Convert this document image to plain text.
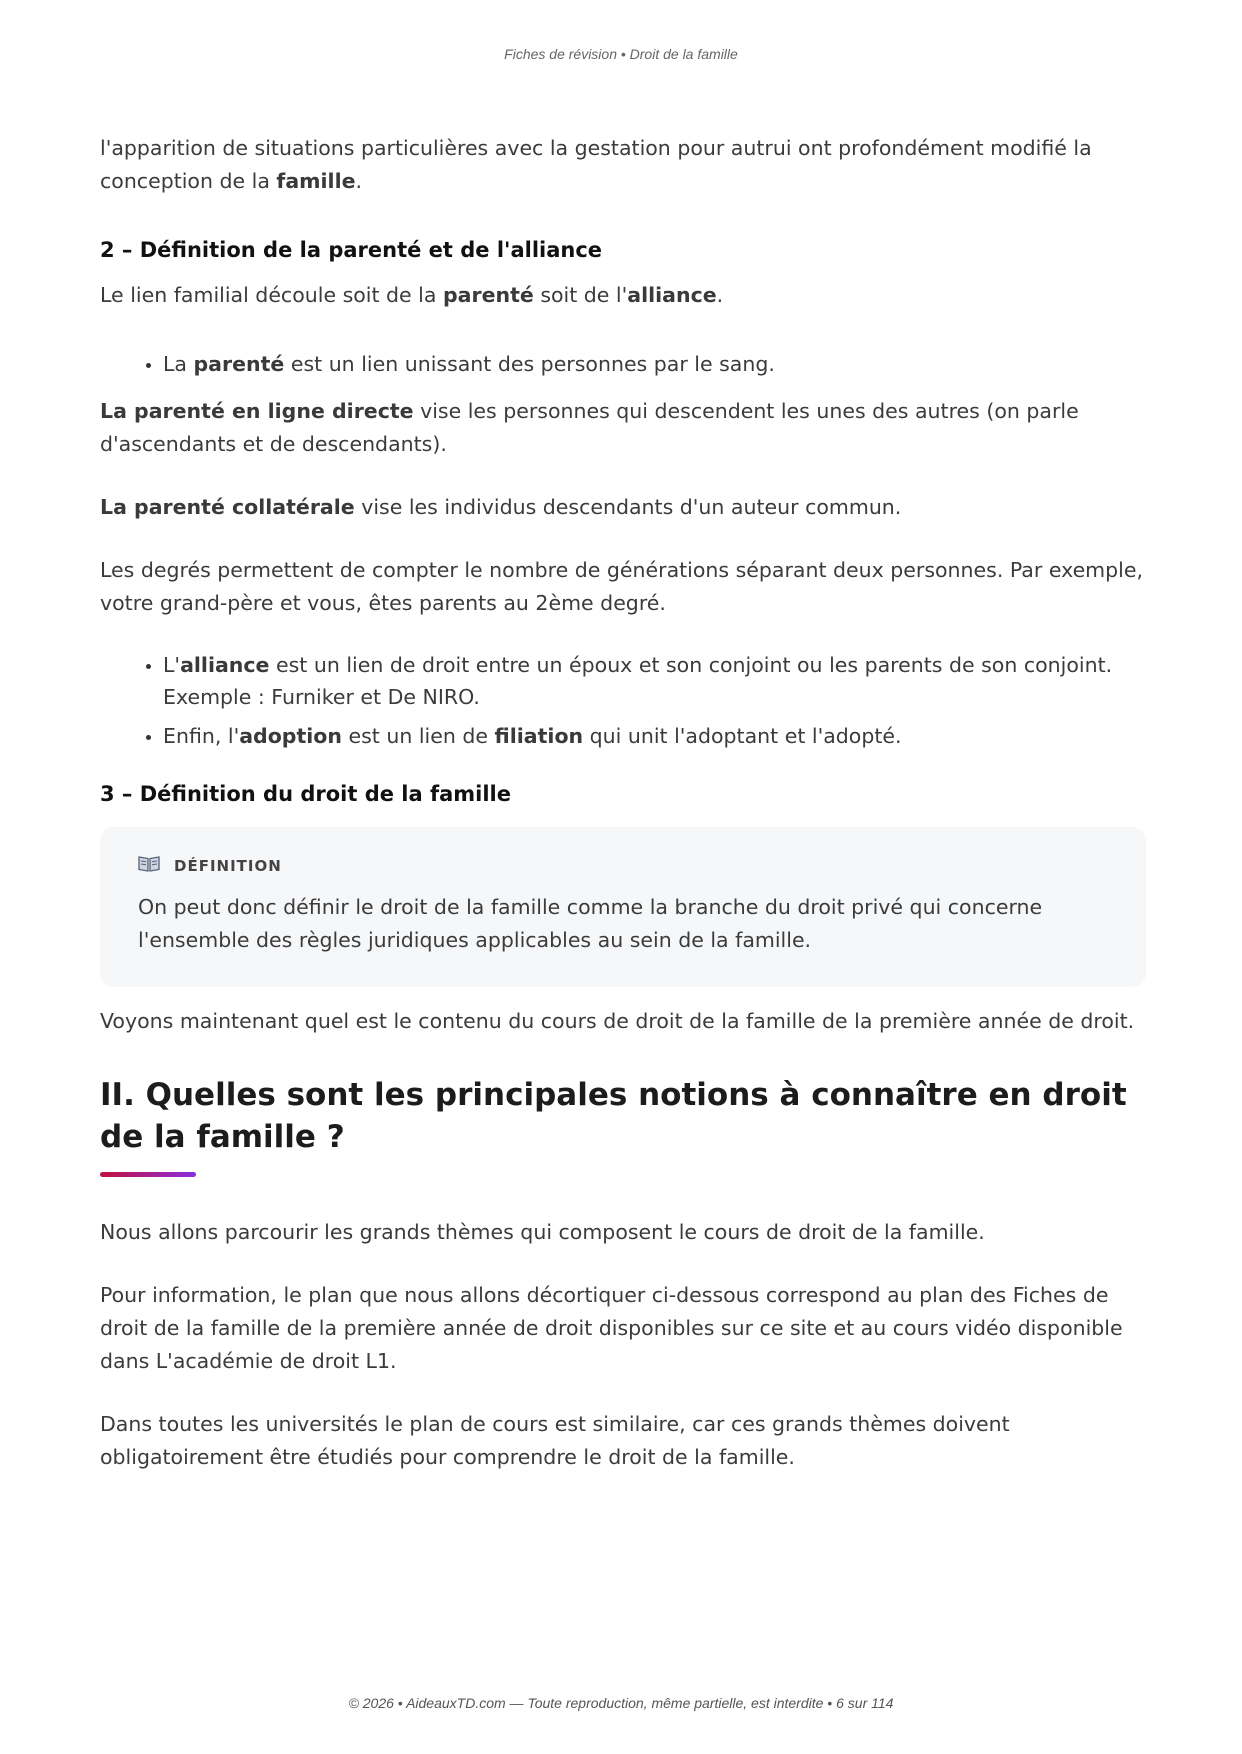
Fiches de révision • Droit de la famille

l'apparition de situations particulières avec la gestation pour autrui ont profondément modifié la conception de la famille.

2 – Définition de la parenté et de l'alliance

Le lien familial découle soit de la parenté soit de l'alliance.

• La parenté est un lien unissant des personnes par le sang.

La parenté en ligne directe vise les personnes qui descendent les unes des autres (on parle d'ascendants et de descendants).

La parenté collatérale vise les individus descendants d'un auteur commun.

Les degrés permettent de compter le nombre de générations séparant deux personnes. Par exemple, votre grand-père et vous, êtes parents au 2ème degré.

• L'alliance est un lien de droit entre un époux et son conjoint ou les parents de son conjoint. Exemple : Furniker et De NIRO.
• Enfin, l'adoption est un lien de filiation qui unit l'adoptant et l'adopté.
3 – Définition du droit de la famille
DÉFINITION

On peut donc définir le droit de la famille comme la branche du droit privé qui concerne l'ensemble des règles juridiques applicables au sein de la famille.

Voyons maintenant quel est le contenu du cours de droit de la famille de la première année de droit.

II. Quelles sont les principales notions à connaître en droit de la famille ?

Nous allons parcourir les grands thèmes qui composent le cours de droit de la famille.

Pour information, le plan que nous allons décortiquer ci-dessous correspond au plan des Fiches de droit de la famille de la première année de droit disponibles sur ce site et au cours vidéo disponible dans L'académie de droit L1.

Dans toutes les universités le plan de cours est similaire, car ces grands thèmes doivent obligatoirement être étudiés pour comprendre le droit de la famille.

© 2026 • AideauxTD.com — Toute reproduction, même partielle, est interdite • 6 sur 114
